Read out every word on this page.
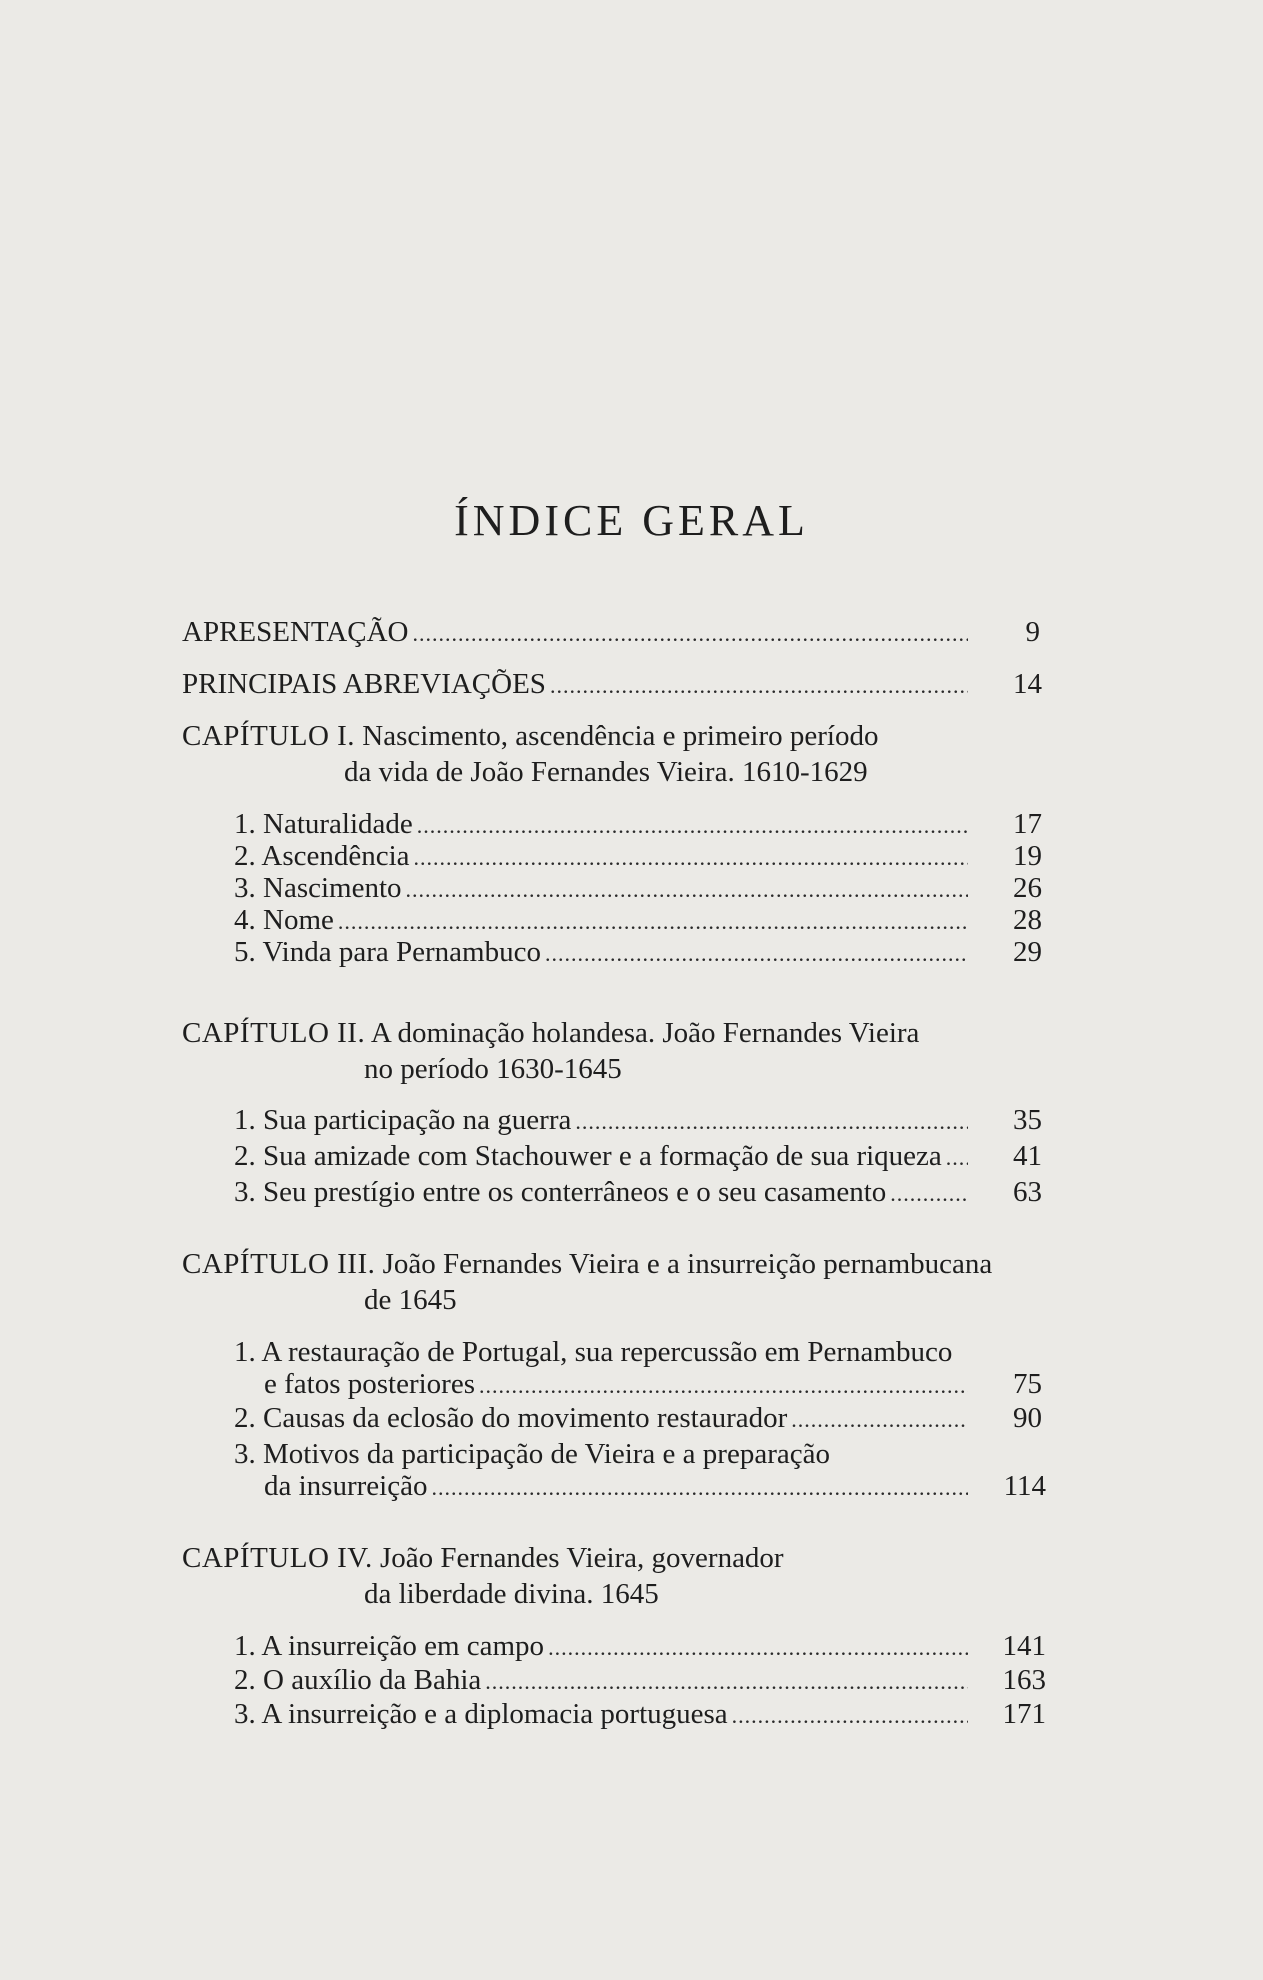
ÍNDICE GERAL
APRESENTAÇÃO .....	9
PRINCIPAIS ABREVIAÇÕES .....	14
CAPÍTULO I. Nascimento, ascendência e primeiro período
da vida de João Fernandes Vieira. 1610-1629
1. Naturalidade .....	17
2. Ascendência .....	19
3. Nascimento .....	26
4. Nome .....	28
5. Vinda para Pernambuco .....	29
CAPÍTULO II. A dominação holandesa. João Fernandes Vieira
no período 1630-1645
1. Sua participação na guerra .....	35
2. Sua amizade com Stachouwer e a formação de sua riqueza .....	41
3. Seu prestígio entre os conterrâneos e o seu casamento .....	63
CAPÍTULO III. João Fernandes Vieira e a insurreição pernambucana
de 1645
1. A restauração de Portugal, sua repercussão em Pernambuco
e fatos posteriores .....	75
2. Causas da eclosão do movimento restaurador .....	90
3. Motivos da participação de Vieira e a preparação
da insurreição .....	114
CAPÍTULO IV. João Fernandes Vieira, governador
da liberdade divina. 1645
1. A insurreição em campo .....	141
2. O auxílio da Bahia .....	163
3. A insurreição e a diplomacia portuguesa .....	171
